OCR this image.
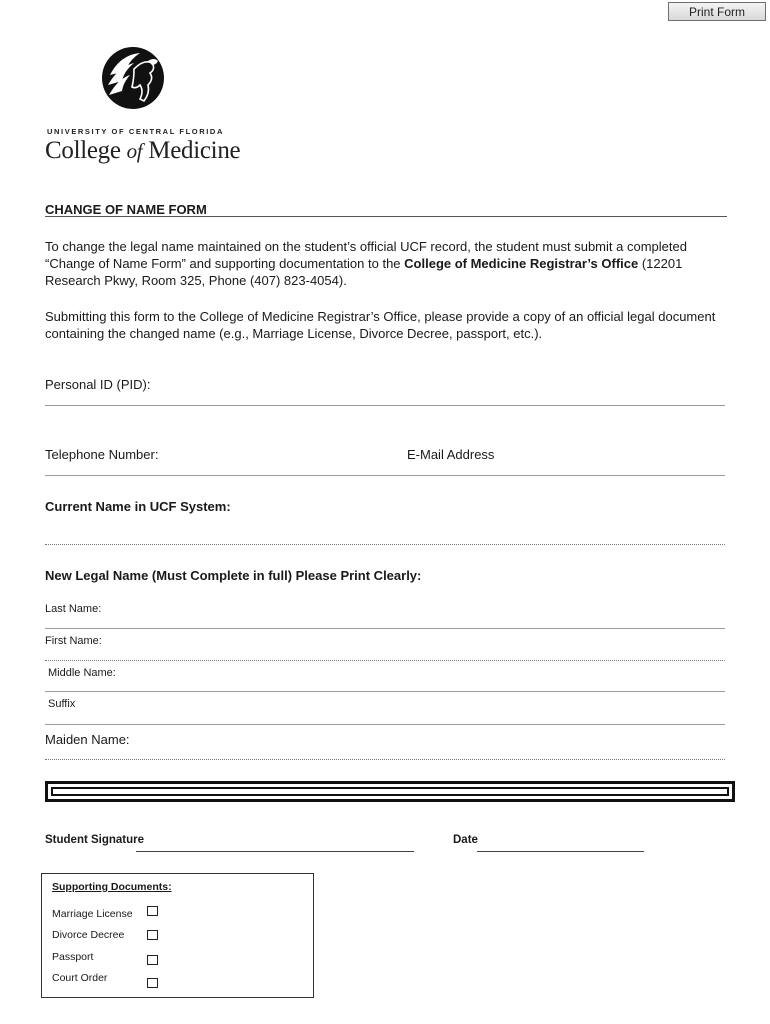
Print Form
UNIVERSITY OF CENTRAL FLORIDA
College of Medicine
CHANGE OF NAME FORM
To change the legal name maintained on the student’s official UCF record, the student must submit a completed “Change of Name Form” and supporting documentation to the College of Medicine Registrar’s Office (12201 Research Pkwy, Room 325, Phone (407) 823-4054).
Submitting this form to the College of Medicine Registrar’s Office, please provide a copy of an official legal document containing the changed name (e.g., Marriage License, Divorce Decree, passport, etc.).
Personal ID (PID):
Telephone Number:	E-Mail Address
Current Name in UCF System:
New Legal Name (Must Complete in full) Please Print Clearly:
Last Name:
First Name:
Middle Name:
Suffix
Maiden Name:
Student Signature	Date
Supporting Documents:
Marriage License
Divorce Decree
Passport
Court Order
